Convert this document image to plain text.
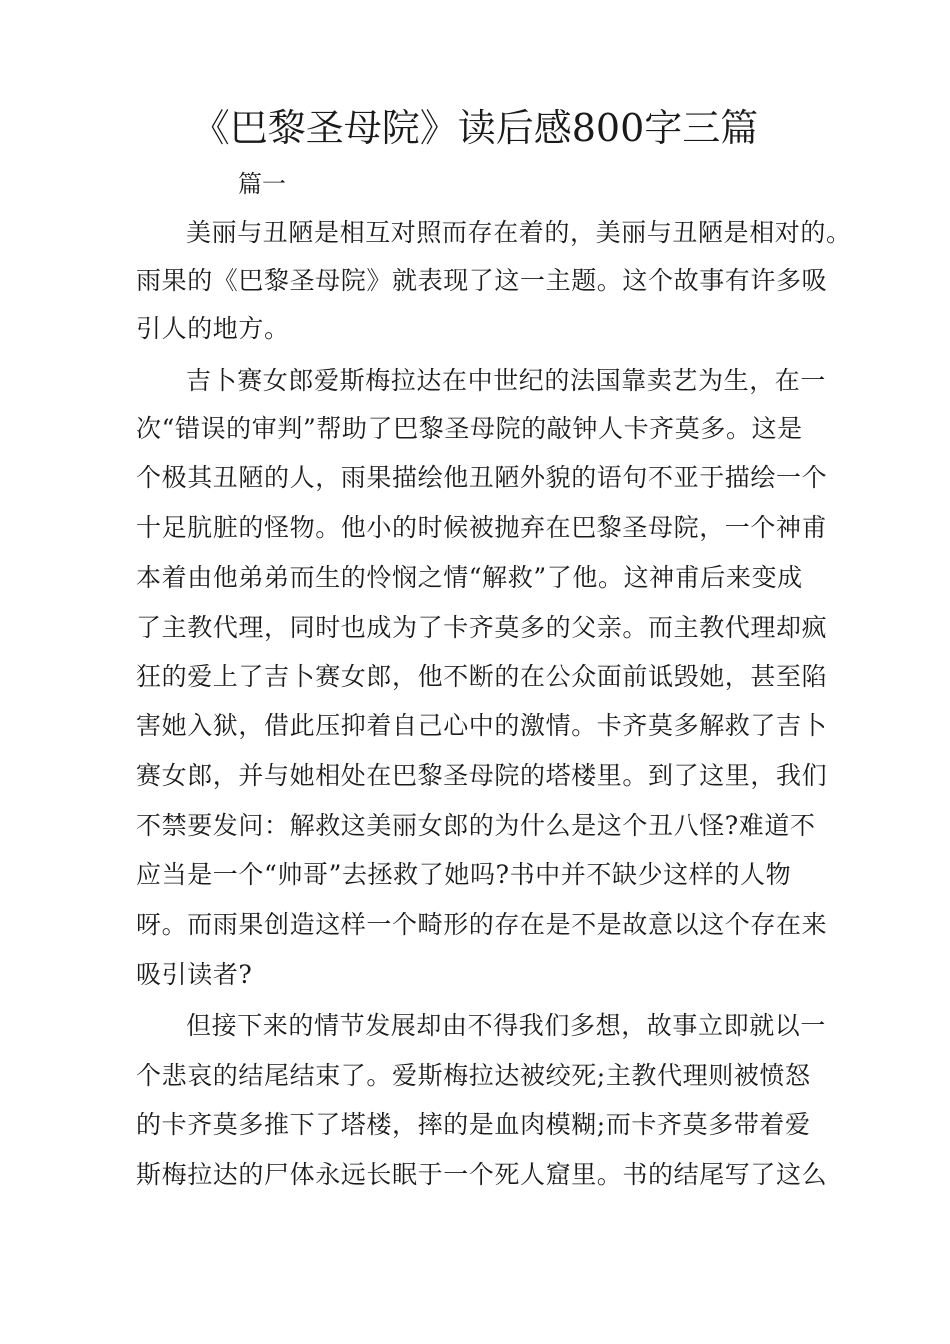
《巴黎圣母院》读后感800字三篇
篇一
美丽与丑陋是相互对照而存在着的，美丽与丑陋是相对的。
雨果的《巴黎圣母院》就表现了这一主题。这个故事有许多吸
引人的地方。
吉卜赛女郎爱斯梅拉达在中世纪的法国靠卖艺为生，在一
次“错误的审判”帮助了巴黎圣母院的敲钟人卡齐莫多。这是
个极其丑陋的人，雨果描绘他丑陋外貌的语句不亚于描绘一个
十足肮脏的怪物。他小的时候被抛弃在巴黎圣母院，一个神甫
本着由他弟弟而生的怜悯之情“解救”了他。这神甫后来变成
了主教代理，同时也成为了卡齐莫多的父亲。而主教代理却疯
狂的爱上了吉卜赛女郎，他不断的在公众面前诋毁她，甚至陷
害她入狱，借此压抑着自己心中的激情。卡齐莫多解救了吉卜
赛女郎，并与她相处在巴黎圣母院的塔楼里。到了这里，我们
不禁要发问：解救这美丽女郎的为什么是这个丑八怪?难道不
应当是一个“帅哥”去拯救了她吗?书中并不缺少这样的人物
呀。而雨果创造这样一个畸形的存在是不是故意以这个存在来
吸引读者?
但接下来的情节发展却由不得我们多想，故事立即就以一
个悲哀的结尾结束了。爱斯梅拉达被绞死;主教代理则被愤怒
的卡齐莫多推下了塔楼，摔的是血肉模糊;而卡齐莫多带着爱
斯梅拉达的尸体永远长眠于一个死人窟里。书的结尾写了这么
